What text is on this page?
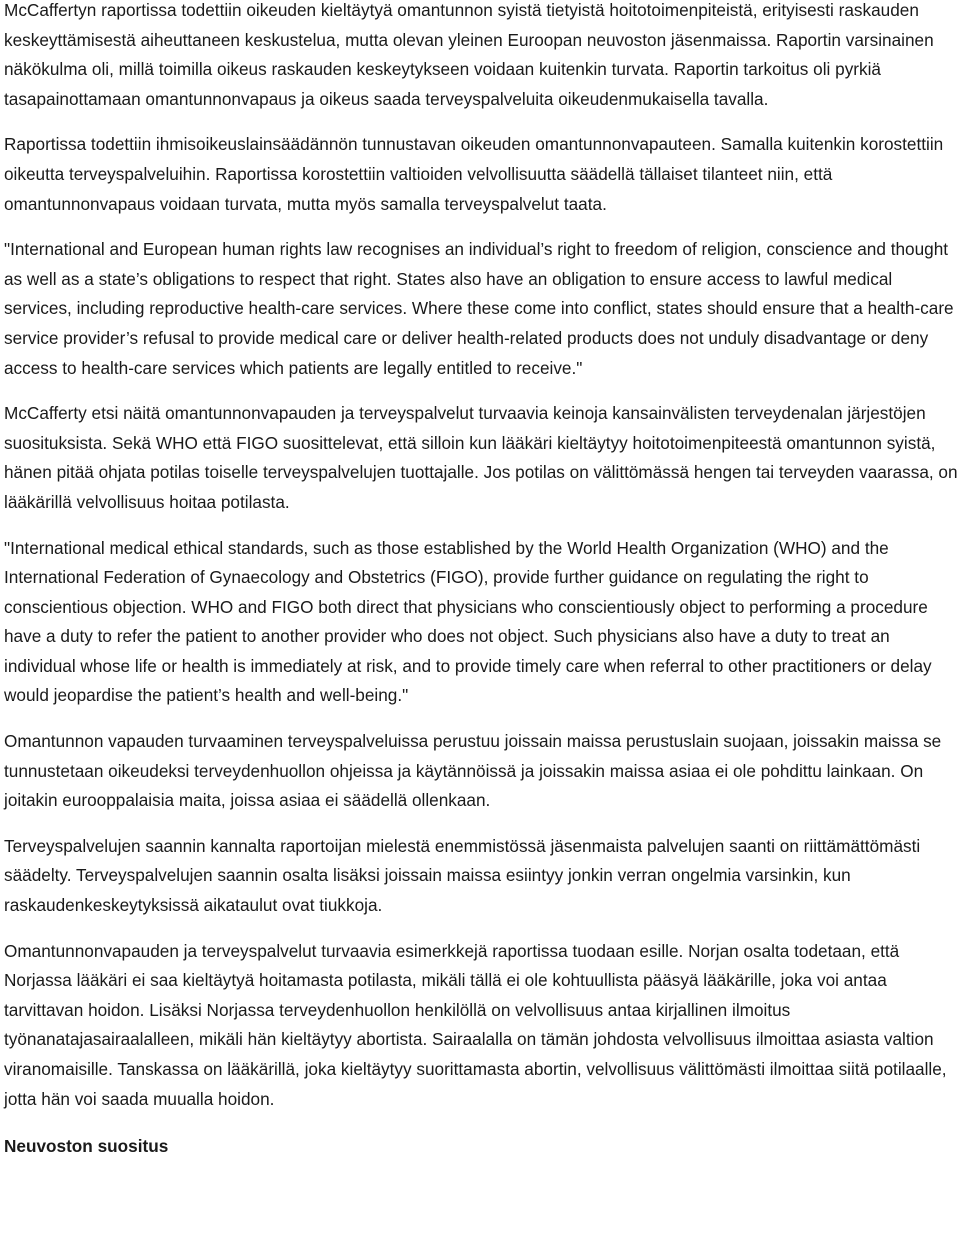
McCaffertyn raportissa todettiin oikeuden kieltäytyä omantunnon syistä tietyistä hoitotoimenpiteistä, erityisesti raskauden keskeyttämisestä aiheuttaneen keskustelua, mutta olevan yleinen Euroopan neuvoston jäsenmaissa. Raportin varsinainen näkökulma oli, millä toimilla oikeus raskauden keskeytykseen voidaan kuitenkin turvata. Raportin tarkoitus oli pyrkiä tasapainottamaan omantunnonvapaus ja oikeus saada terveyspalveluita oikeudenmukaisella tavalla.

Raportissa todettiin ihmisoikeuslainsäädännön tunnustavan oikeuden omantunnonvapauteen. Samalla kuitenkin korostettiin oikeutta terveyspalveluihin. Raportissa korostettiin valtioiden velvollisuutta säädellä tällaiset tilanteet niin, että omantunnonvapaus voidaan turvata, mutta myös samalla terveyspalvelut taata.

"International and European human rights law recognises an individual’s right to freedom of religion, conscience and thought as well as a state’s obligations to respect that right. States also have an obligation to ensure access to lawful medical services, including reproductive health-care services. Where these come into conflict, states should ensure that a health-care service provider’s refusal to provide medical care or deliver health-related products does not unduly disadvantage or deny access to health-care services which patients are legally entitled to receive."

McCafferty etsi näitä omantunnonvapauden ja terveyspalvelut turvaavia keinoja kansainvälisten terveydenalan järjestöjen suosituksista. Sekä WHO että FIGO suosittelevat, että silloin kun lääkäri kieltäytyy hoitotoimenpiteestä omantunnon syistä, hänen pitää ohjata potilas toiselle terveyspalvelujen tuottajalle. Jos potilas on välittömässä hengen tai terveyden vaarassa, on lääkärillä velvollisuus hoitaa potilasta.

"International medical ethical standards, such as those established by the World Health Organization (WHO) and the International Federation of Gynaecology and Obstetrics (FIGO), provide further guidance on regulating the right to conscientious objection. WHO and FIGO both direct that physicians who conscientiously object to performing a procedure have a duty to refer the patient to another provider who does not object. Such physicians also have a duty to treat an individual whose life or health is immediately at risk, and to provide timely care when referral to other practitioners or delay would jeopardise the patient’s health and well-being."

Omantunnon vapauden turvaaminen terveyspalveluissa perustuu joissain maissa perustuslain suojaan, joissakin maissa se tunnustetaan oikeudeksi terveydenhuollon ohjeissa ja käytännöissä ja joissakin maissa asiaa ei ole pohdittu lainkaan. On joitakin eurooppalaisia maita, joissa asiaa ei säädellä ollenkaan.

Terveyspalvelujen saannin kannalta raportoijan mielestä enemmistössä jäsenmaista palvelujen saanti on riittämättömästi säädelty. Terveyspalvelujen saannin osalta lisäksi joissain maissa esiintyy jonkin verran ongelmia varsinkin, kun raskaudenkeskeytyksissä aikataulut ovat tiukkoja.

Omantunnonvapauden ja terveyspalvelut turvaavia esimerkkejä raportissa tuodaan esille. Norjan osalta todetaan, että Norjassa lääkäri ei saa kieltäytyä hoitamasta potilasta, mikäli tällä ei ole kohtuullista pääsyä lääkärille, joka voi antaa tarvittavan hoidon. Lisäksi Norjassa terveydenhuollon henkilöllä on velvollisuus antaa kirjallinen ilmoitus työnanatajasairaalalleen, mikäli hän kieltäytyy abortista. Sairaalalla on tämän johdosta velvollisuus ilmoittaa asiasta valtion viranomaisille. Tanskassa on lääkärillä, joka kieltäytyy suorittamasta abortin, velvollisuus välittömästi ilmoittaa siitä potilaalle, jotta hän voi saada muualla hoidon.

Neuvoston suositus
